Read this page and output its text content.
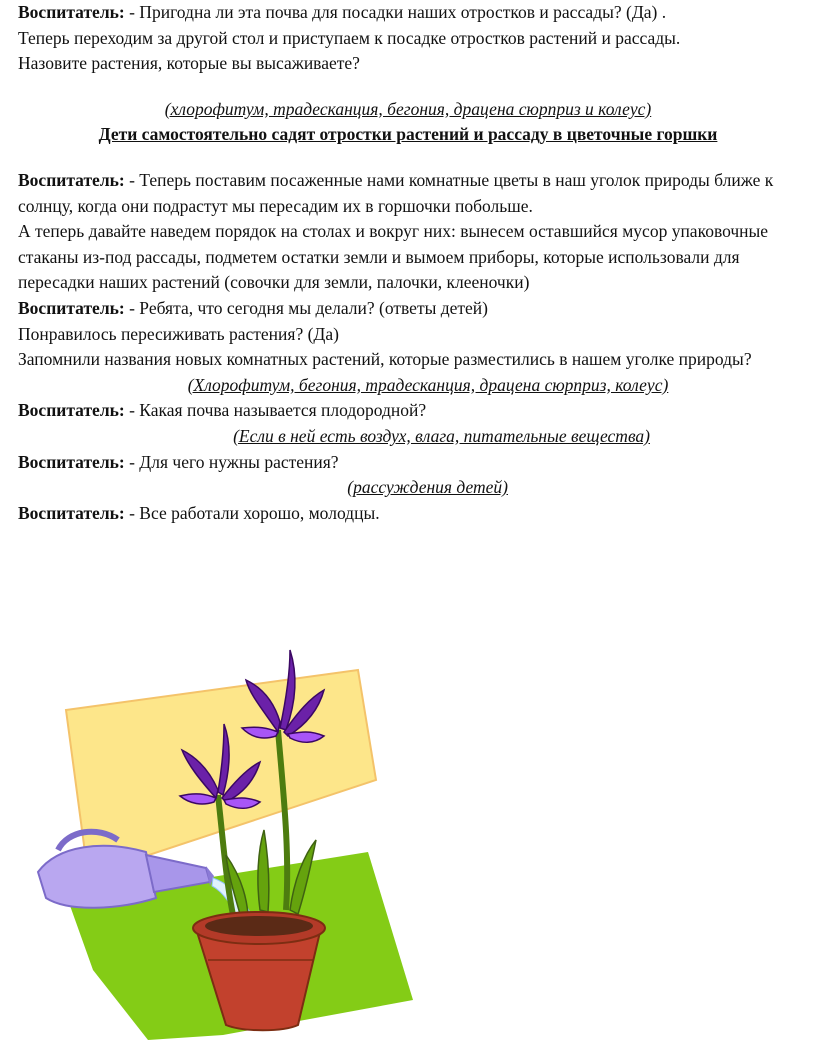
Воспитатель: - Пригодна ли эта почва для посадки наших отростков и рассады? (Да) .
Теперь переходим за другой стол и приступаем к посадке отростков растений и рассады.
Назовите растения, которые вы высаживаете?

(хлорофитум, традесканция, бегония, драцена сюрприз и колеус)

Дети самостоятельно садят отростки растений и рассаду в цветочные горшки

Воспитатель: - Теперь поставим посаженные нами комнатные цветы в наш уголок природы ближе к солнцу, когда они подрастут мы пересадим их в горшочки побольше.

А теперь давайте наведем порядок на столах и вокруг них: вынесем оставшийся мусор упаковочные стаканы из-под рассады, подметем остатки земли и вымоем приборы, которые использовали для пересадки наших растений (совочки для земли, палочки, клееночки)

Воспитатель: - Ребята, что сегодня мы делали? (ответы детей)
Понравилось пересиживать растения? (Да)
Запомнили названия новых комнатных растений, которые разместились в нашем уголке природы?

(Хлорофитум, бегония, традесканция, драцена сюрприз, колеус)

Воспитатель: - Какая почва называется плодородной?

(Если в ней есть воздух, влага, питательные вещества)

Воспитатель: - Для чего нужны растения?

(рассуждения детей)

Воспитатель: - Все работали хорошо, молодцы.
